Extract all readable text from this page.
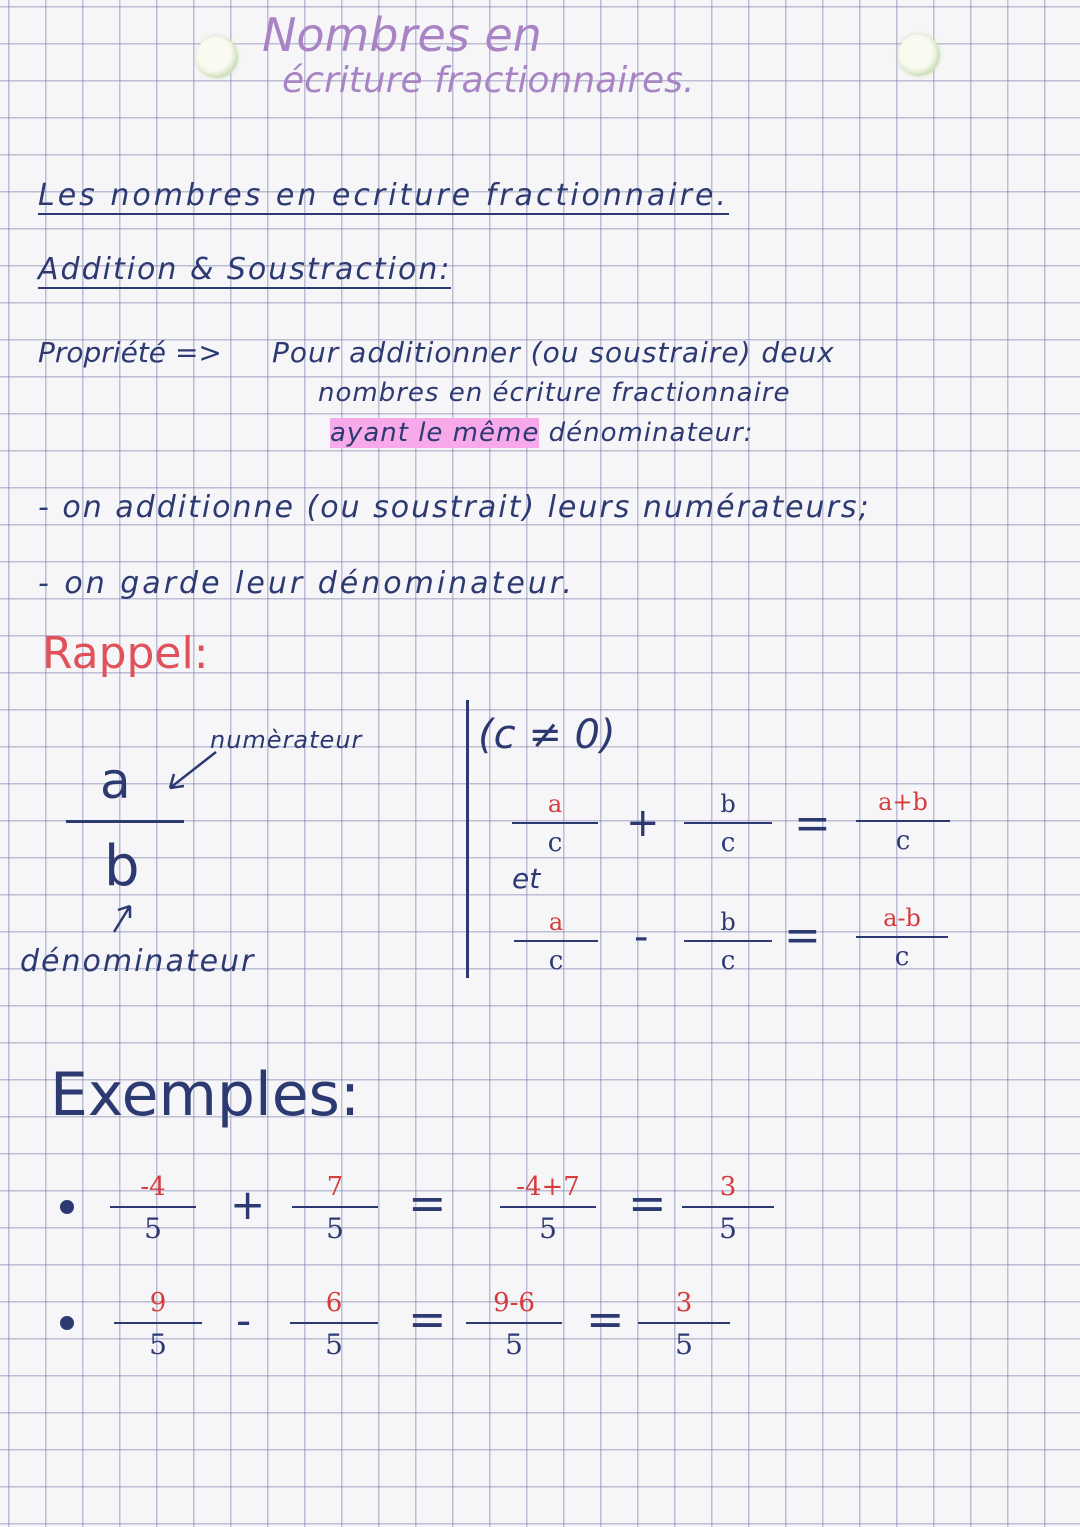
Nombres en
écriture fractionnaires.
Les nombres en ecriture fractionnaire.
Addition & Soustraction:
Propriété => Pour additionner (ou soustraire) deux
nombres en écriture fractionnaire
ayant le même dénominateur:
- on additionne (ou soustrait) leurs numérateurs;
- on garde leur dénominateur.
Rappel:
a
b
numèrateur
dénominateur
(c ≠ 0)
a
c +	b
c = a+b
c
et
a
c
-	b
c =	a-b
c
Exemples:
-4
5 + 7
5 =	-4+7
5 = 3
5
9
5 -	6
5 = 9-6
5 = 3
5
